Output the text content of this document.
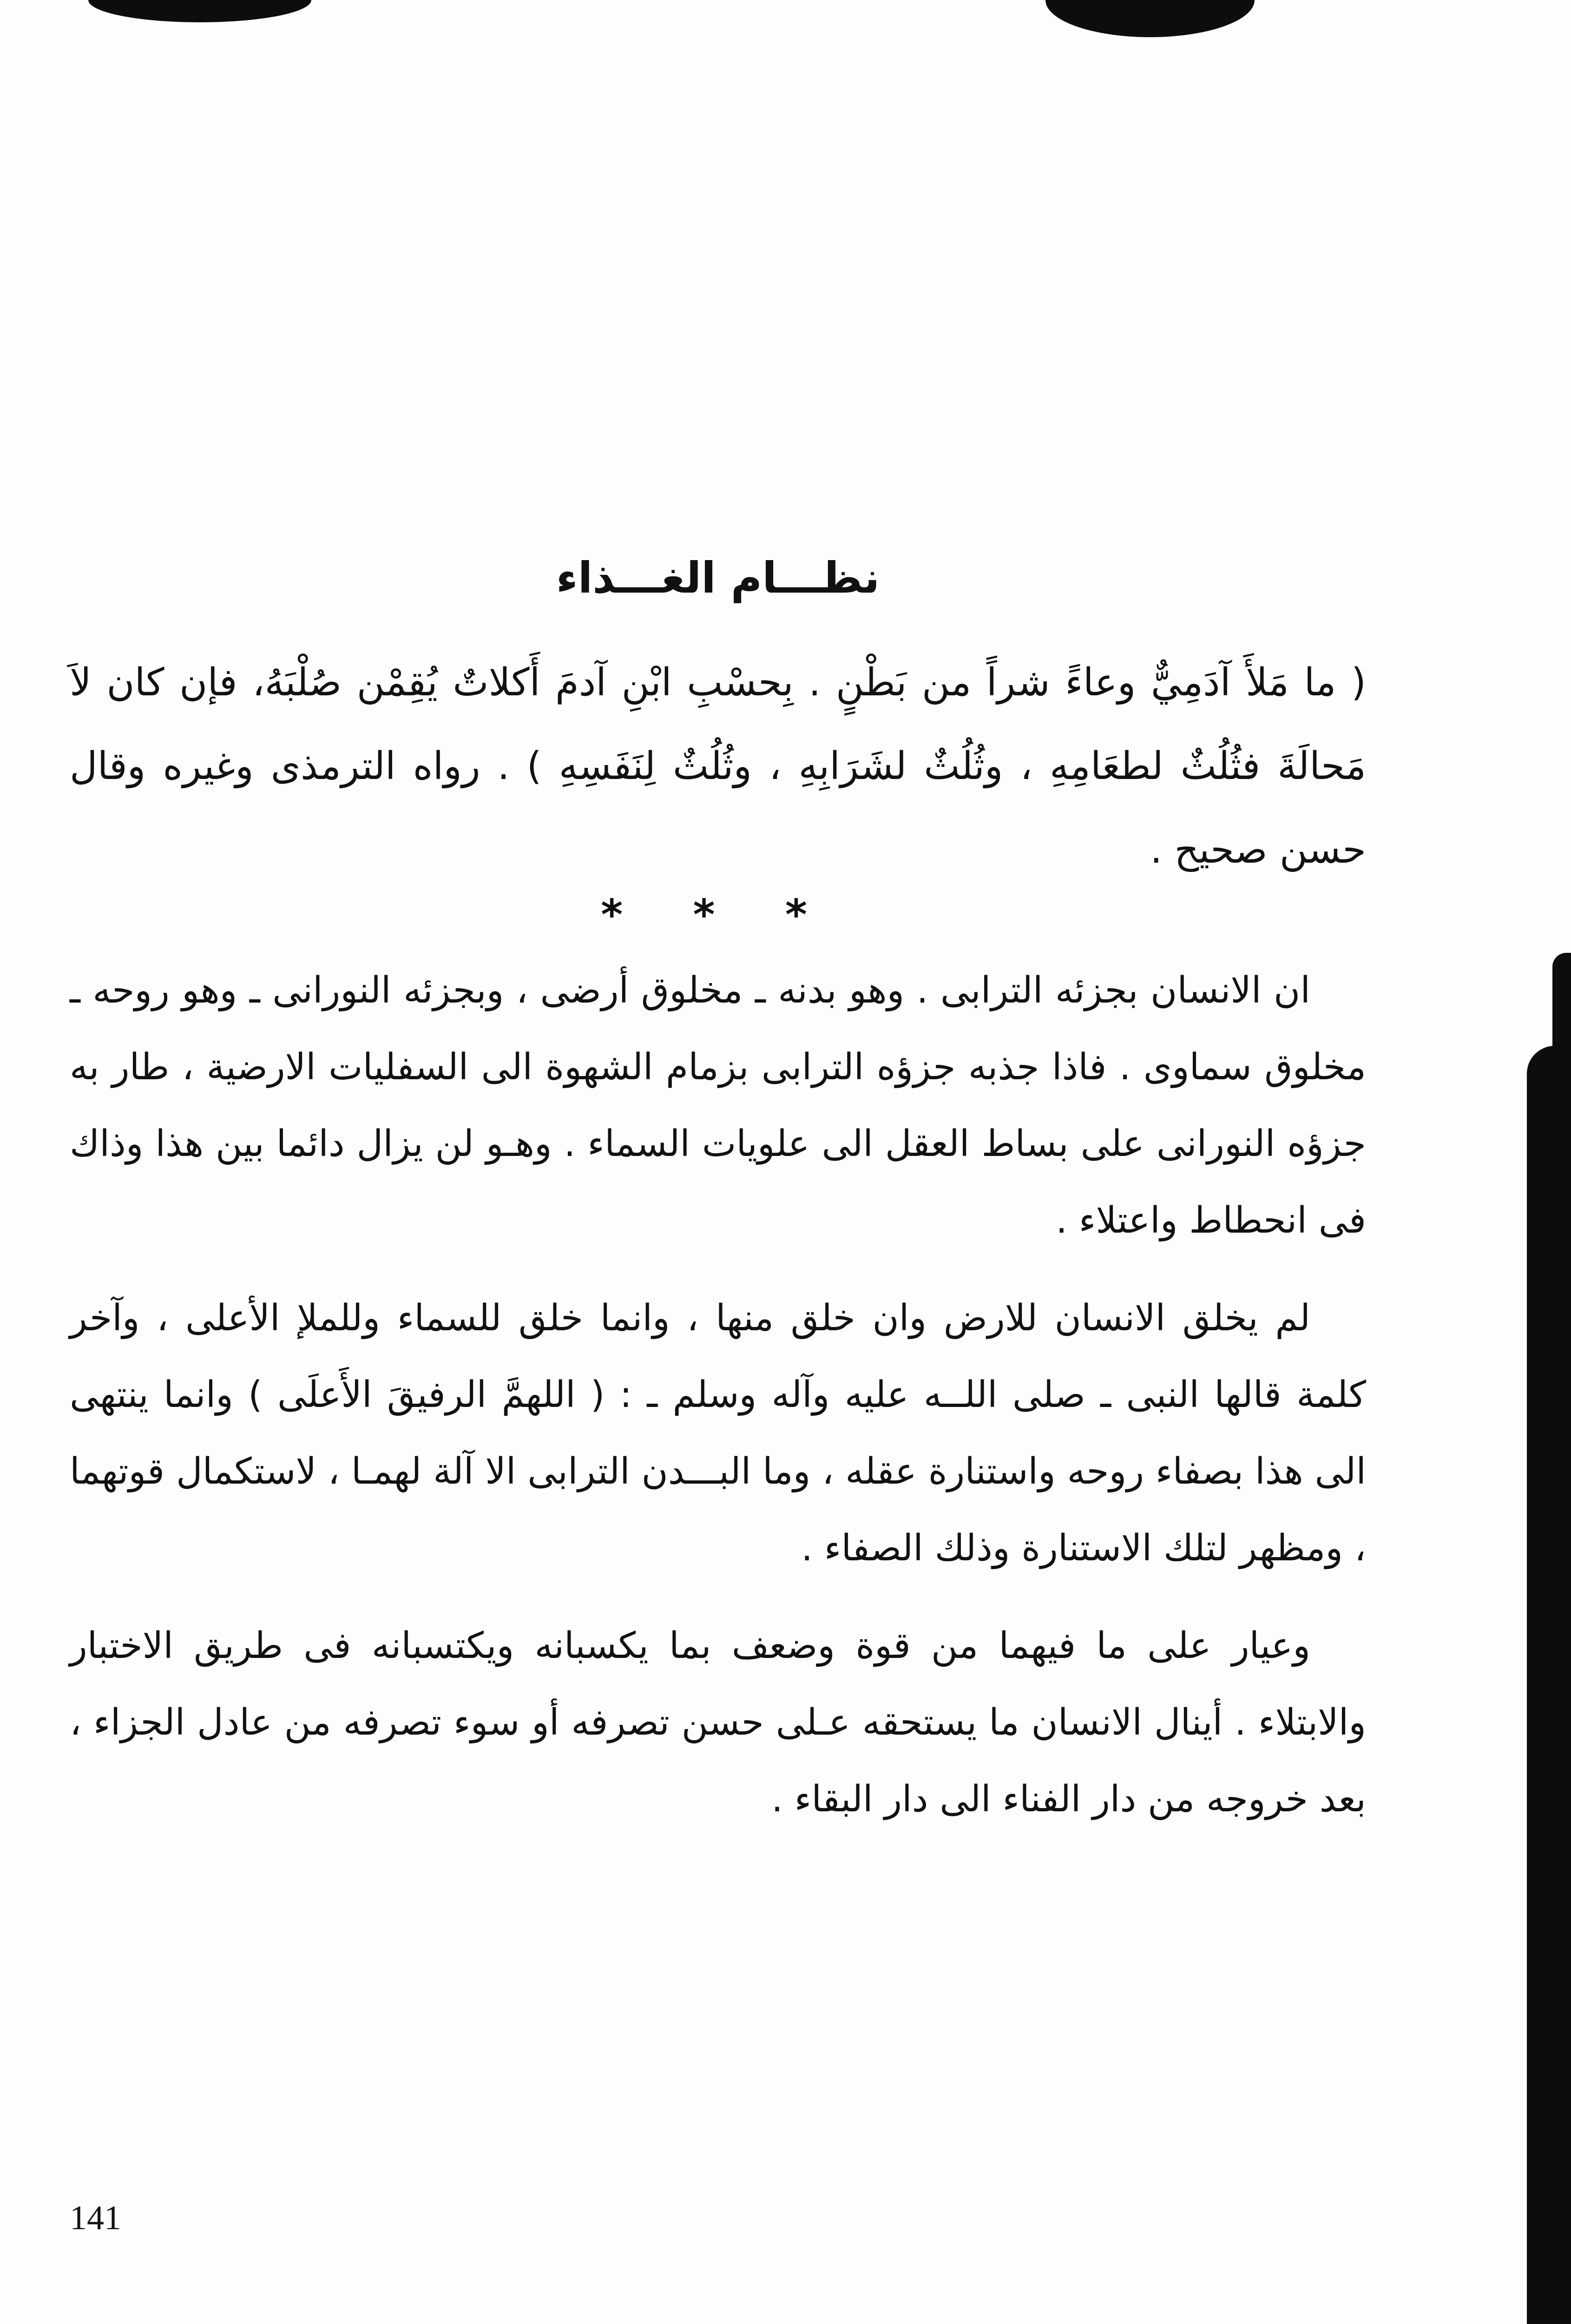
نظـــام الغـــذاء

( ما مَلأَ آدَمِيٌّ وعاءً شراً من بَطْنٍ . بِحسْبِ ابْنِ آدمَ أَكلاتٌ يُقِمْن صُلْبَهُ، فإن كان لاَ مَحالَةَ فثُلُثٌ لطعَامِهِ ، وثُلُثٌ لشَرَابِهِ ، وثُلُثٌ لِنَفَسِهِ ) . رواه الترمذى وغيره وقال حسن صحيح .

* * *

ان الانسان بجزئه الترابى . وهو بدنه ـ مخلوق أرضى ، وبجزئه النورانى ـ وهو روحه ـ مخلوق سماوى . فاذا جذبه جزؤه الترابى بزمام الشهوة الى السفليات الارضية ، طار به جزؤه النورانى على بساط العقل الى علويات السماء . وهـو لن يزال دائما بين هذا وذاك فى انحطاط واعتلاء .

لم يخلق الانسان للارض وان خلق منها ، وانما خلق للسماء وللملإ الأعلى ، وآخر كلمة قالها النبى ـ صلى اللــه عليه وآله وسلم ـ : ( اللهمَّ الرفيقَ الأَعلَى ) وانما ينتهى الى هذا بصفاء روحه واستنارة عقله ، وما البـــدن الترابى الا آلة لهمـا ، لاستكمال قوتهما ، ومظهر لتلك الاستنارة وذلك الصفاء .

وعيار على ما فيهما من قوة وضعف بما يكسبانه ويكتسبانه فى طريق الاختبار والابتلاء . أينال الانسان ما يستحقه عـلى حسن تصرفه أو سوء تصرفه من عادل الجزاء ، بعد خروجه من دار الفناء الى دار البقاء .

141
